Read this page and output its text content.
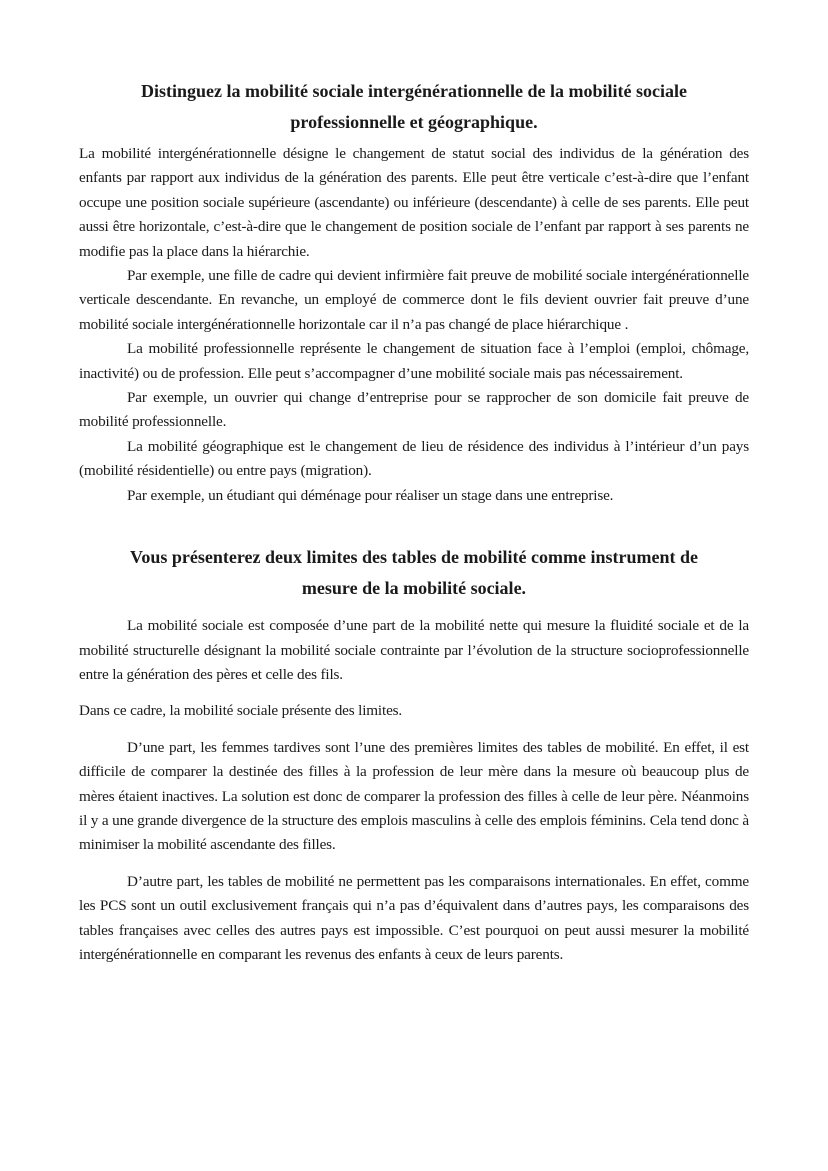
Distinguez la mobilité sociale intergénérationnelle de la mobilité sociale professionnelle et géographique.

La mobilité intergénérationnelle désigne le changement de statut social des individus de la génération des enfants par rapport aux individus de la génération des parents. Elle peut être verticale c’est-à-dire que l’enfant occupe une position sociale supérieure (ascendante) ou inférieure (descendante) à celle de ses parents. Elle peut aussi être horizontale, c’est-à-dire que le changement de position sociale de l’enfant par rapport à ses parents ne modifie pas la place dans la hiérarchie.

Par exemple, une fille de cadre qui devient infirmière fait preuve de mobilité sociale intergénérationnelle verticale descendante. En revanche, un employé de commerce dont le fils devient ouvrier fait preuve d’une mobilité sociale intergénérationnelle horizontale car il n’a pas changé de place hiérarchique .

La mobilité professionnelle représente le changement de situation face à l’emploi (emploi, chômage, inactivité) ou de profession. Elle peut s’accompagner d’une mobilité sociale mais pas nécessairement.

Par exemple, un ouvrier qui change d’entreprise pour se rapprocher de son domicile fait preuve de mobilité professionnelle.

La mobilité géographique est le changement de lieu de résidence des individus à l’intérieur d’un pays (mobilité résidentielle) ou entre pays (migration).

Par exemple, un étudiant qui déménage pour réaliser un stage dans une entreprise.

Vous présenterez deux limites des tables de mobilité comme instrument de mesure de la mobilité sociale.

La mobilité sociale est composée d’une part de la mobilité nette qui mesure la fluidité sociale et de la mobilité structurelle désignant la mobilité sociale contrainte par l’évolution de la structure socioprofessionnelle entre la génération des pères et celle des fils.

Dans ce cadre, la mobilité sociale présente des limites.

D’une part, les femmes tardives sont l’une des premières limites des tables de mobilité. En effet, il est difficile de comparer la destinée des filles à la profession de leur mère dans la mesure où beaucoup plus de mères étaient inactives. La solution est donc de comparer la profession des filles à celle de leur père. Néanmoins il y a une grande divergence de la structure des emplois masculins à celle des emplois féminins. Cela tend donc à minimiser la mobilité ascendante des filles.

D’autre part, les tables de mobilité ne permettent pas les comparaisons internationales. En effet, comme les PCS sont un outil exclusivement français qui n’a pas d’équivalent dans d’autres pays, les comparaisons des tables françaises avec celles des autres pays est impossible. C’est pourquoi on peut aussi mesurer la mobilité intergénérationnelle en comparant les revenus des enfants à ceux de leurs parents.
